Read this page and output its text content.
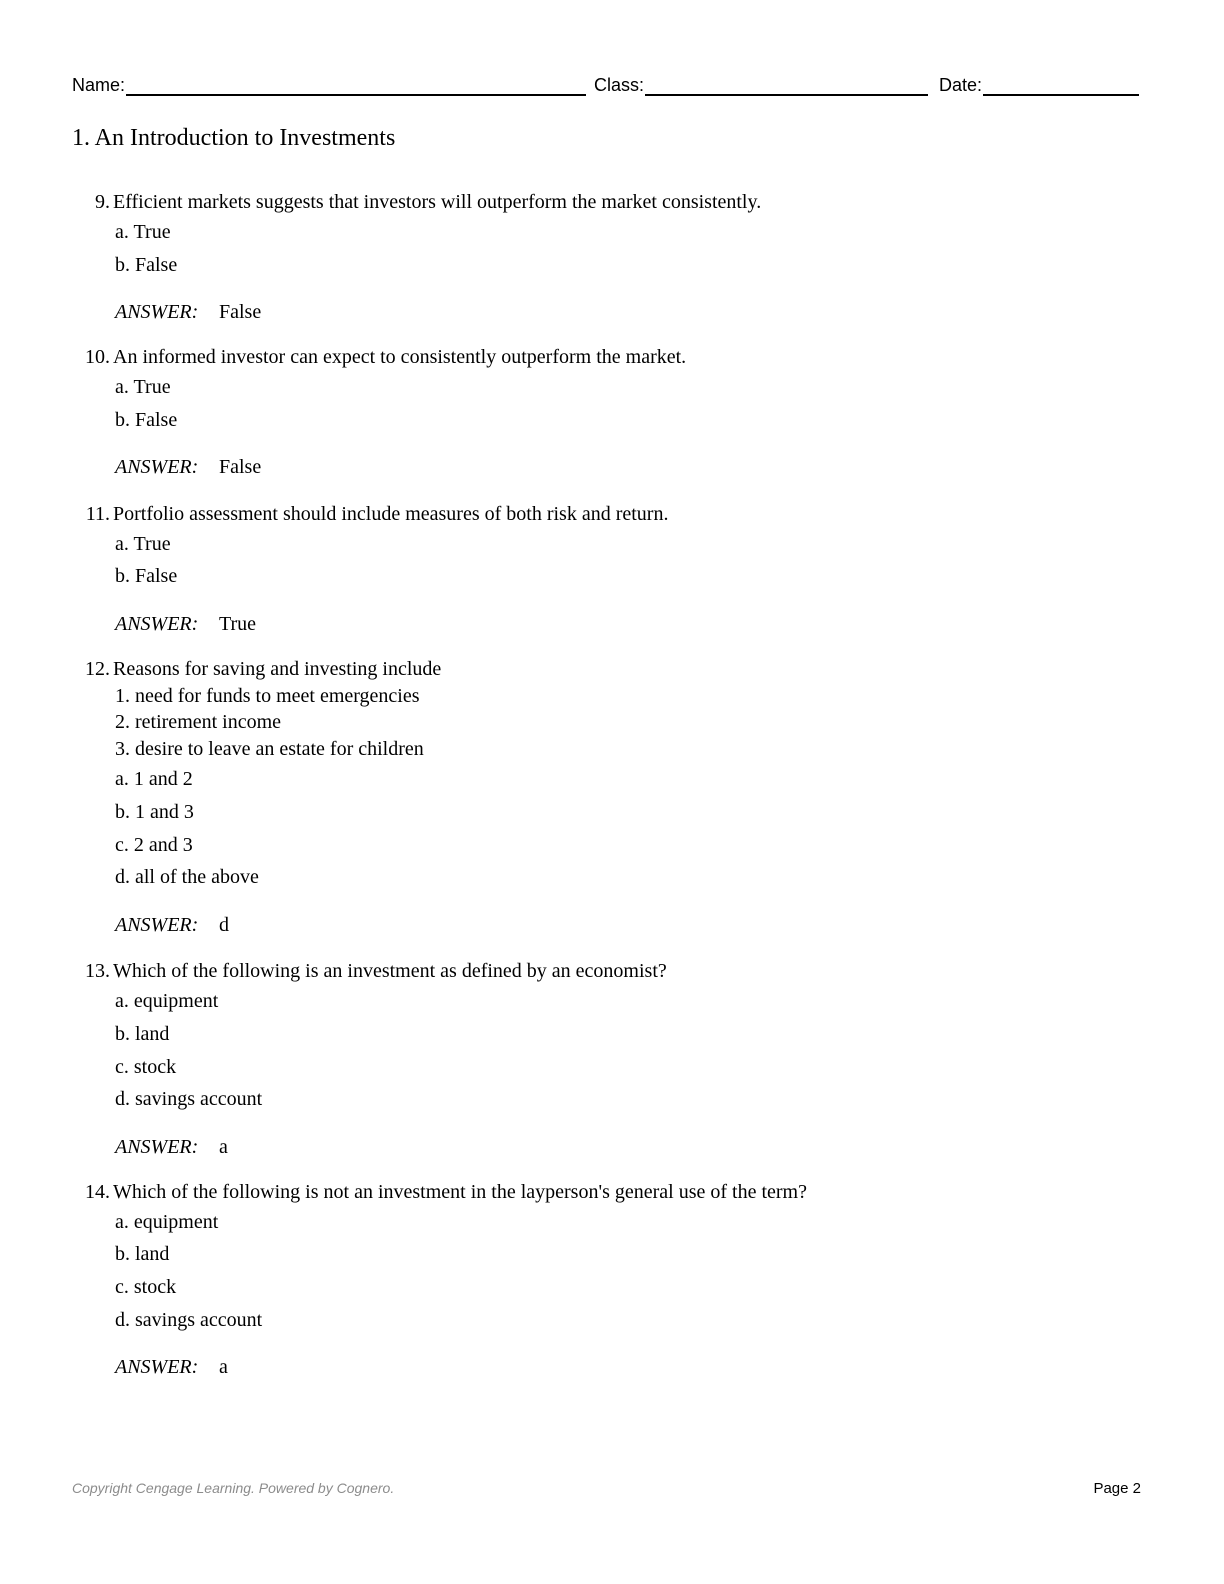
Name:	Class:	Date:
1. An Introduction to Investments
9. Efficient markets suggests that investors will outperform the market consistently.
a. True
b. False
ANSWER: False
10. An informed investor can expect to consistently outperform the market.
a. True
b. False
ANSWER: False
11. Portfolio assessment should include measures of both risk and return.
a. True
b. False
ANSWER: True
12. Reasons for saving and investing include
1. need for funds to meet emergencies
2. retirement income
3. desire to leave an estate for children
a. 1 and 2
b. 1 and 3
c. 2 and 3
d. all of the above
ANSWER: d
13. Which of the following is an investment as defined by an economist?
a. equipment
b. land
c. stock
d. savings account
ANSWER: a
14. Which of the following is not an investment in the layperson's general use of the term?
a. equipment
b. land
c. stock
d. savings account
ANSWER: a
Copyright Cengage Learning. Powered by Cognero.	Page 2
